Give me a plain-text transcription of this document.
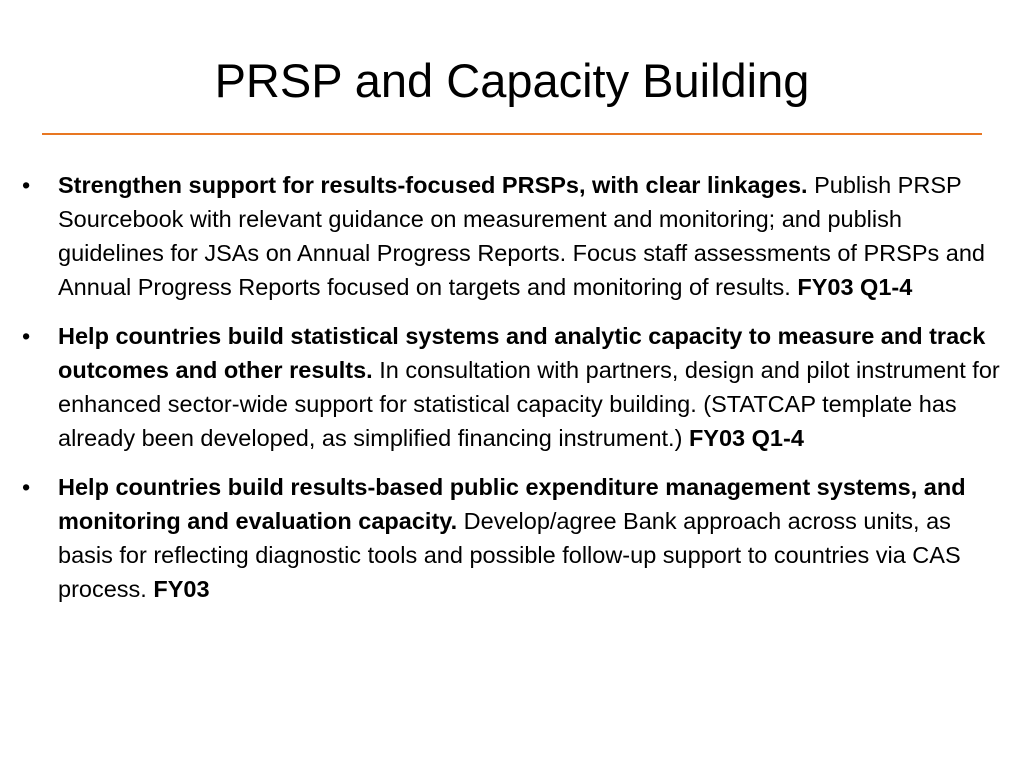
PRSP and Capacity Building
• Strengthen support for results-focused PRSPs, with clear linkages. Publish PRSP Sourcebook with relevant guidance on measurement and monitoring; and publish guidelines for JSAs on Annual Progress Reports. Focus staff assessments of PRSPs and Annual Progress Reports focused on targets and monitoring of results. FY03 Q1-4
• Help countries build statistical systems and analytic capacity to measure and track outcomes and other results. In consultation with partners, design and pilot instrument for enhanced sector-wide support for statistical capacity building. (STATCAP template has already been developed, as simplified financing instrument.) FY03 Q1-4
• Help countries build results-based public expenditure management systems, and monitoring and evaluation capacity. Develop/agree Bank approach across units, as basis for reflecting diagnostic tools and possible follow-up support to countries via CAS process. FY03
